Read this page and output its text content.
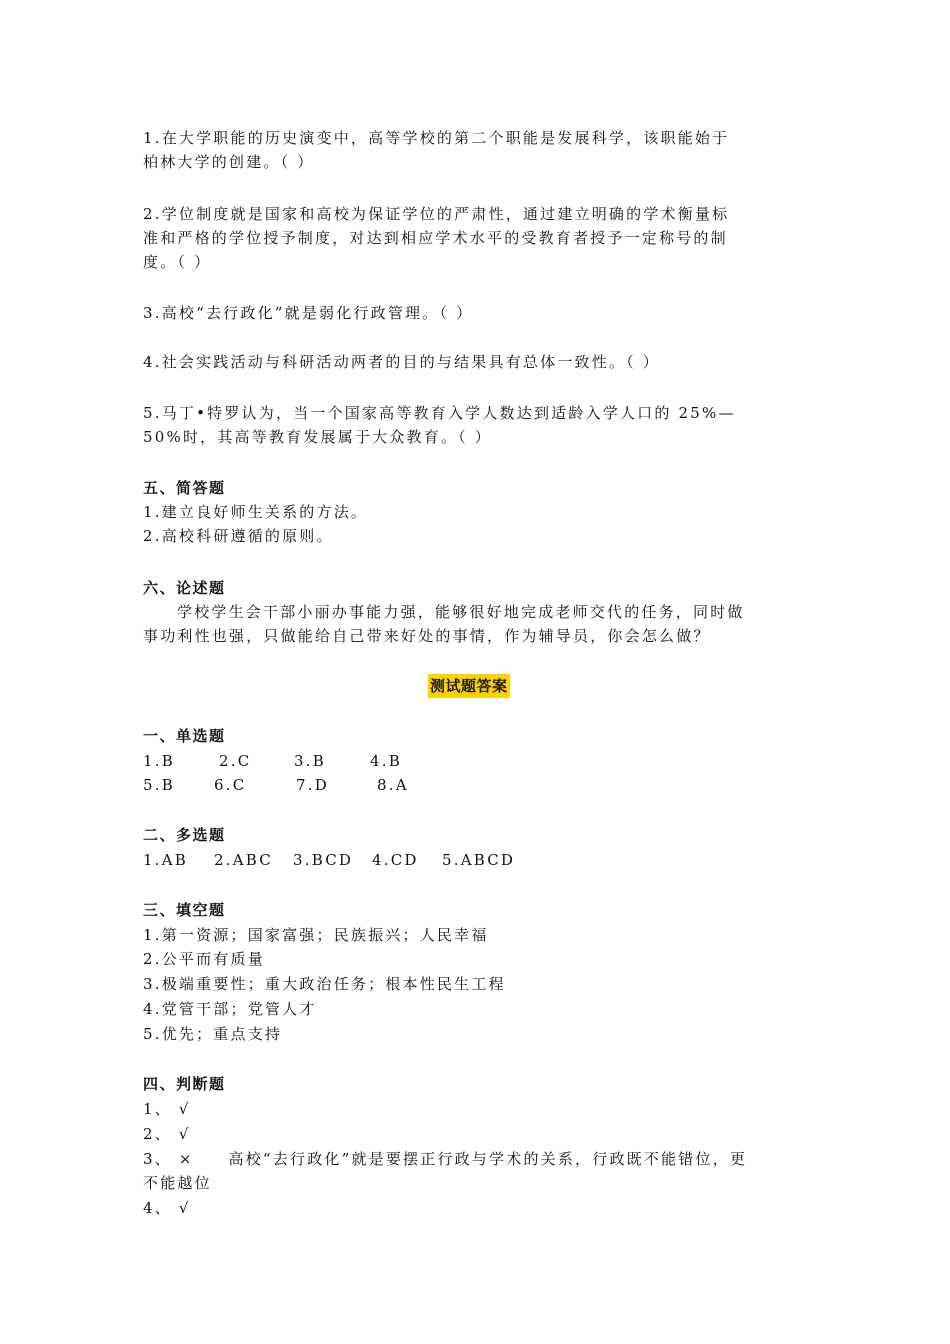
1.在大学职能的历史演变中，高等学校的第二个职能是发展科学，该职能始于
柏林大学的创建。（ ）
2.学位制度就是国家和高校为保证学位的严肃性，通过建立明确的学术衡量标
准和严格的学位授予制度，对达到相应学术水平的受教育者授予一定称号的制
度。（ ）
3.高校“去行政化”就是弱化行政管理。（ ）
4.社会实践活动与科研活动两者的目的与结果具有总体一致性。（ ）
5.马丁•特罗认为，当一个国家高等教育入学人数达到适龄入学人口的 25%—
50%时，其高等教育发展属于大众教育。（ ）
五、简答题
1.建立良好师生关系的方法。
2.高校科研遵循的原则。
六、论述题
学校学生会干部小丽办事能力强，能够很好地完成老师交代的任务，同时做
事功利性也强，只做能给自己带来好处的事情，作为辅导员，你会怎么做？
测试题答案
一、单选题
1.B	2.C	3.B	4.B
5.B	6.C	7.D	8.A
二、多选题
1.AB 2.ABC 3.BCD 4.CD 5.ABCD
三、填空题
1.第一资源；国家富强；民族振兴；人民幸福
2.公平而有质量
3.极端重要性；重大政治任务；根本性民生工程
4.党管干部；党管人才
5.优先；重点支持
四、判断题
1、 √
2、 √
3、 ×     高校“去行政化”就是要摆正行政与学术的关系，行政既不能错位，更
不能越位
4、 √
